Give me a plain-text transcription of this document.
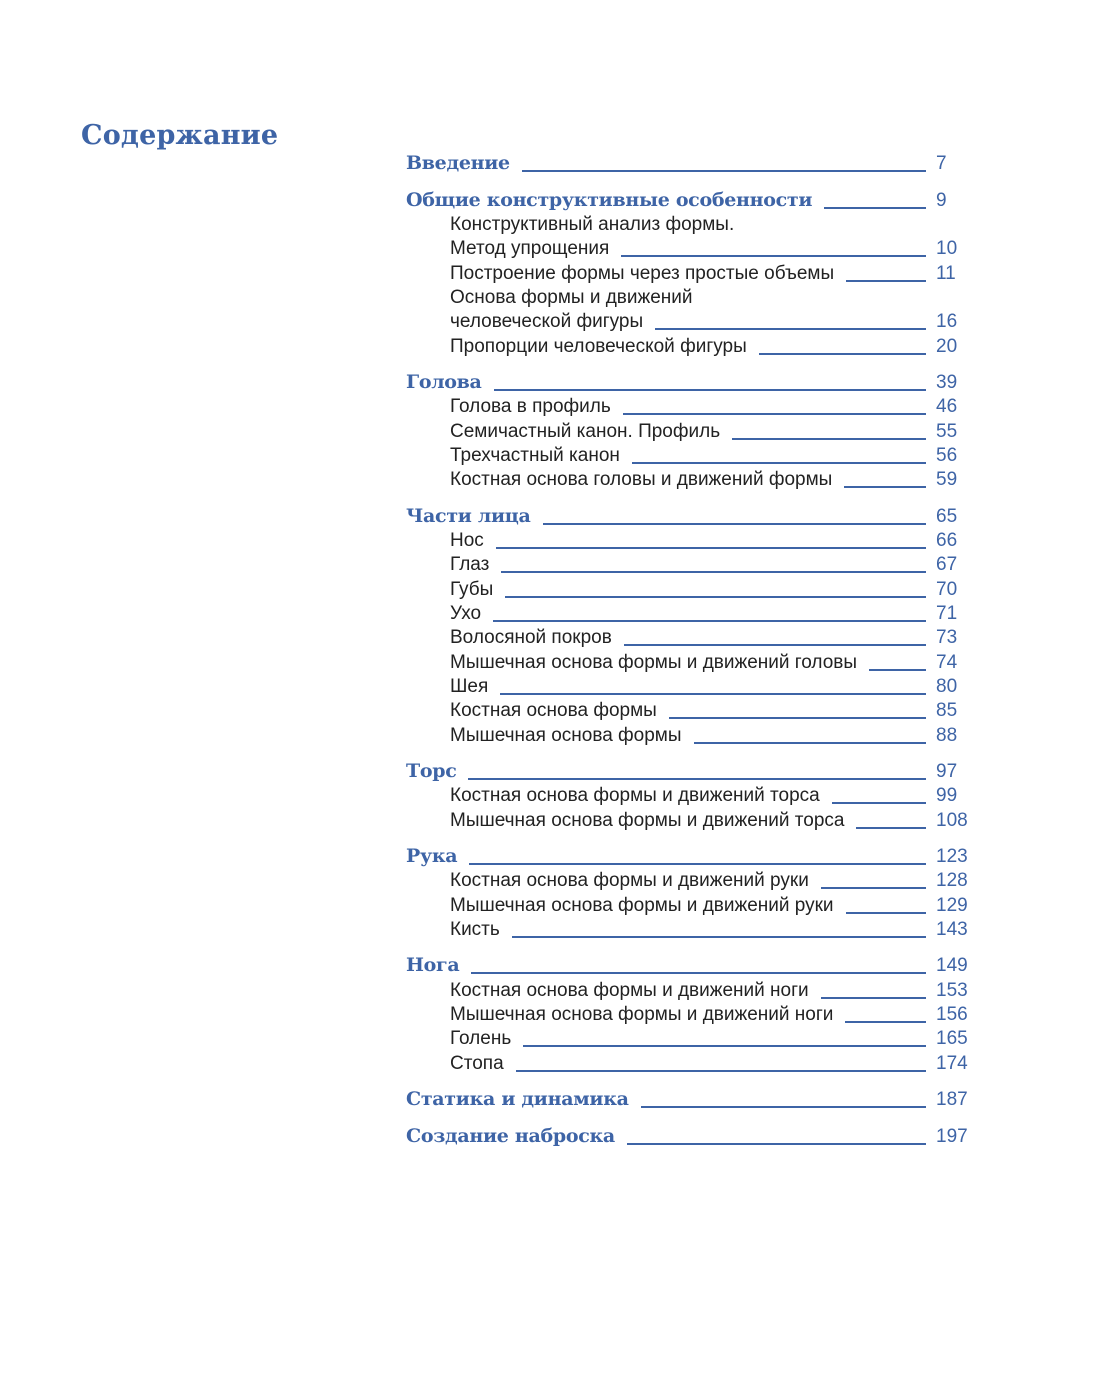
Содержание
Введение	7
Общие конструктивные особенности	9
Конструктивный анализ формы.
Метод упрощения	10
Построение формы через простые объемы	11
Основа формы и движений
человеческой фигуры	16
Пропорции человеческой фигуры	20
Голова	39
Голова в профиль	46
Семичастный канон. Профиль	55
Трехчастный канон	56
Костная основа головы и движений формы	59
Части лица	65
Нос	66
Глаз	67
Губы	70
Ухо	71
Волосяной покров	73
Мышечная основа формы и движений головы	74
Шея	80
Костная основа формы	85
Мышечная основа формы	88
Торс	97
Костная основа формы и движений торса	99
Мышечная основа формы и движений торса	108
Рука	123
Костная основа формы и движений руки	128
Мышечная основа формы и движений руки	129
Кисть	143
Нога	149
Костная основа формы и движений ноги	153
Мышечная основа формы и движений ноги	156
Голень	165
Стопа	174
Статика и динамика	187
Создание наброска	197
